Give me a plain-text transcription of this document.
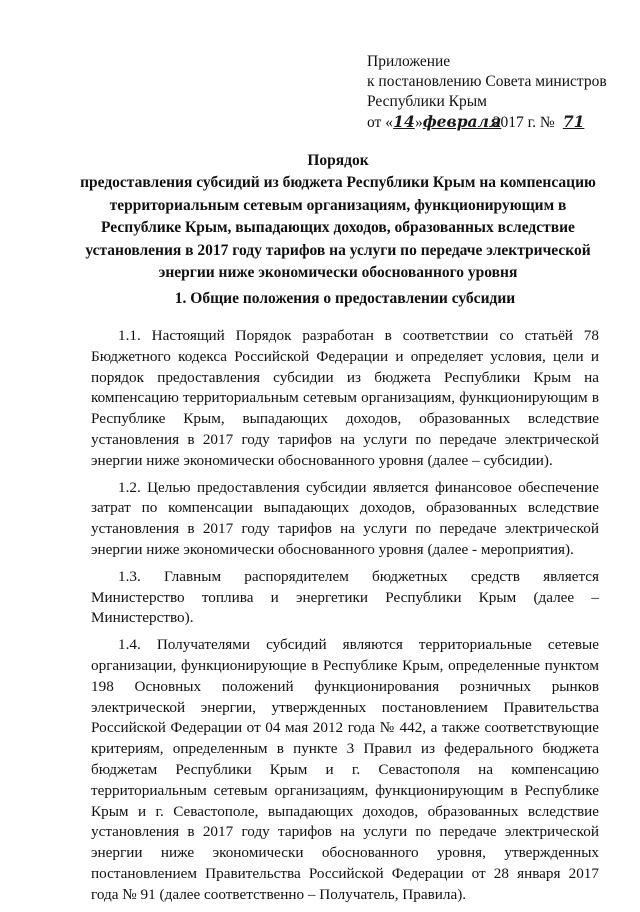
Приложение
к постановлению Совета министров
Республики Крым
от «14»февраля2017 г. № 71
Порядок
предоставления субсидий из бюджета Республики Крым на компенсацию
территориальным сетевым организациям, функционирующим в
Республике Крым, выпадающих доходов, образованных вследствие
установления в 2017 году тарифов на услуги по передаче электрической
энергии ниже экономически обоснованного уровня
1. Общие положения о предоставлении субсидии

1.1. Настоящий Порядок разработан в соответствии со статьёй 78 Бюджетного кодекса Российской Федерации и определяет условия, цели и порядок предоставления субсидии из бюджета Республики Крым на компенсацию территориальным сетевым организациям, функционирующим в Республике Крым, выпадающих доходов, образованных вследствие установления в 2017 году тарифов на услуги по передаче электрической энергии ниже экономически обоснованного уровня (далее – субсидии).

1.2. Целью предоставления субсидии является финансовое обеспечение затрат по компенсации выпадающих доходов, образованных вследствие установления в 2017 году тарифов на услуги по передаче электрической энергии ниже экономически обоснованного уровня (далее - мероприятия).

1.3. Главным распорядителем бюджетных средств является Министерство топлива и энергетики Республики Крым (далее – Министерство).

1.4. Получателями субсидий являются территориальные сетевые организации, функционирующие в Республике Крым, определенные пунктом 198 Основных положений функционирования розничных рынков электрической энергии, утвержденных постановлением Правительства Российской Федерации от 04 мая 2012 года № 442, а также соответствующие критериям, определенным в пункте 3 Правил из федерального бюджета бюджетам Республики Крым и г. Севастополя на компенсацию территориальным сетевым организациям, функционирующим в Республике Крым и г. Севастополе, выпадающих доходов, образованных вследствие установления в 2017 году тарифов на услуги по передаче электрической энергии ниже экономически обоснованного уровня, утвержденных постановлением Правительства Российской Федерации от 28 января 2017 года № 91 (далее соответственно – Получатель, Правила).
